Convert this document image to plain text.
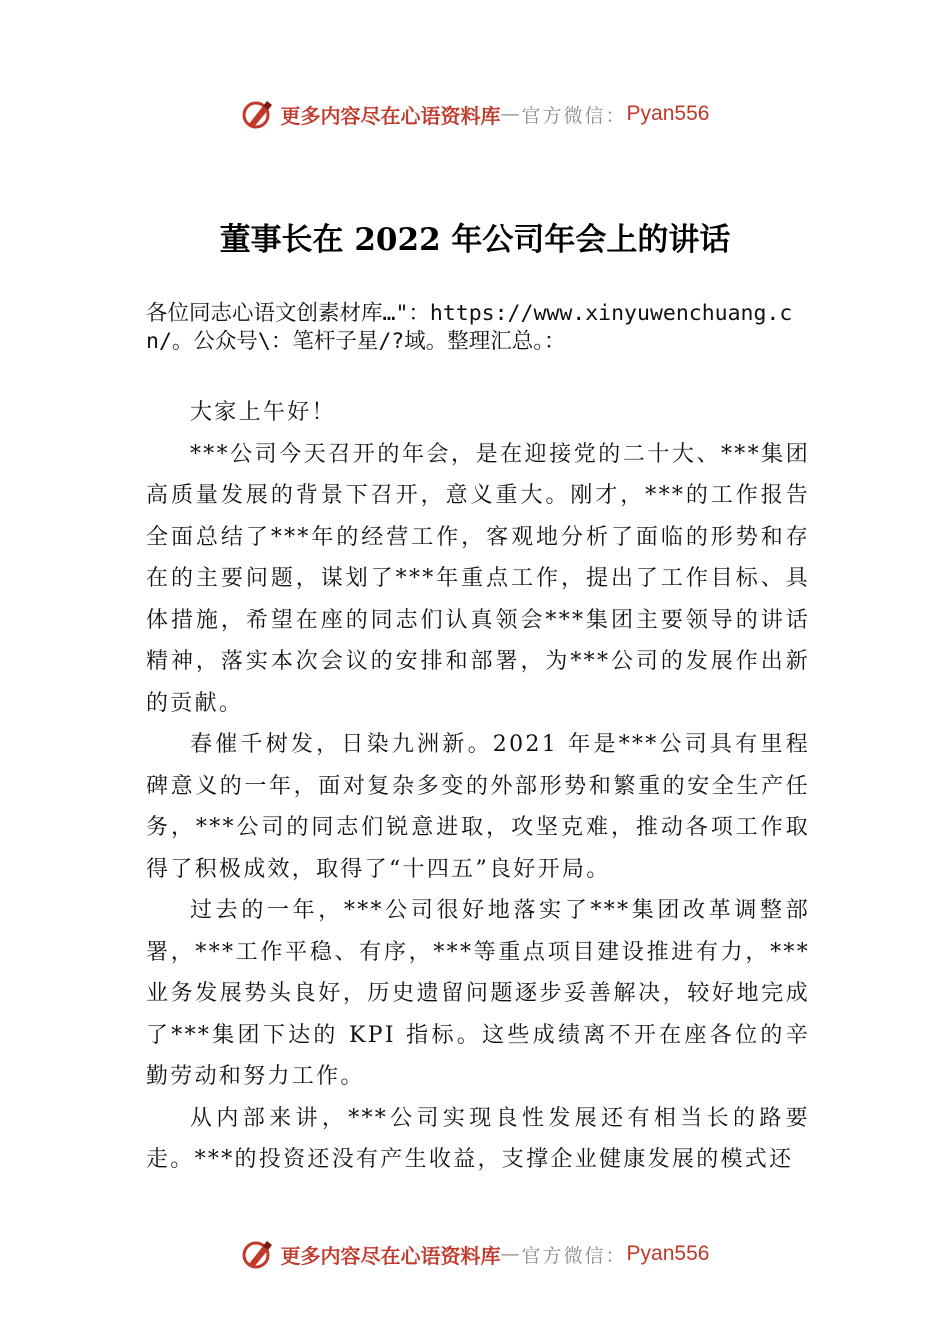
更多内容尽在心语资料库 — 官方微信： Pyan556
董事长在 2022 年公司年会上的讲话

各位同志心语文创素材库…"：https://www.xinyuwenchuang.cn/。公众号\：笔杆子星/?域。整理汇总。：

大家上午好！

***公司今天召开的年会，是在迎接党的二十大、***集团高质量发展的背景下召开，意义重大。刚才，***的工作报告全面总结了***年的经营工作，客观地分析了面临的形势和存在的主要问题，谋划了***年重点工作，提出了工作目标、具体措施，希望在座的同志们认真领会***集团主要领导的讲话精神，落实本次会议的安排和部署，为***公司的发展作出新的贡献。

春催千树发，日染九洲新。2021 年是***公司具有里程碑意义的一年，面对复杂多变的外部形势和繁重的安全生产任务，***公司的同志们锐意进取，攻坚克难，推动各项工作取得了积极成效，取得了“十四五”良好开局。

过去的一年，***公司很好地落实了***集团改革调整部署，***工作平稳、有序，***等重点项目建设推进有力，*** 业务发展势头良好，历史遗留问题逐步妥善解决，较好地完成了***集团下达的 KPI 指标。这些成绩离不开在座各位的辛勤劳动和努力工作。

从内部来讲，***公司实现良性发展还有相当长的路要走。***的投资还没有产生收益，支撑企业健康发展的模式还

更多内容尽在心语资料库 — 官方微信： Pyan556
